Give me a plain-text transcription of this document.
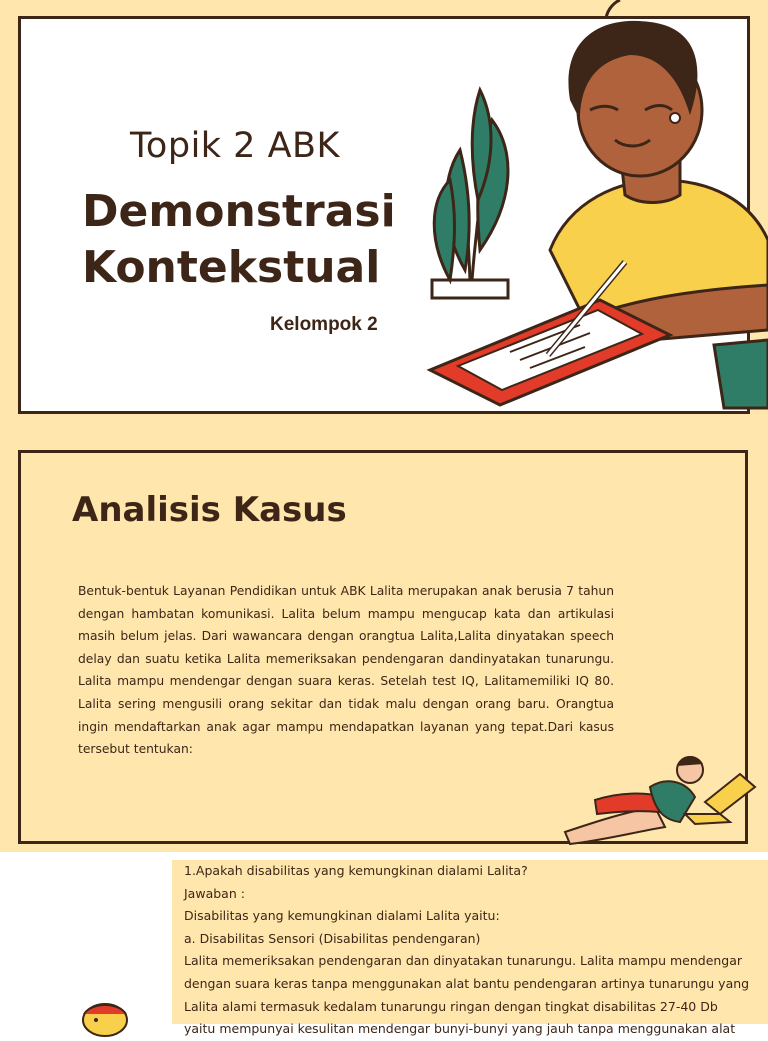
Topik 2 ABK
Demonstrasi
Kontekstual
Kelompok 2
Analisis Kasus
Bentuk-bentuk Layanan Pendidikan untuk ABK Lalita merupakan anak berusia 7 tahun dengan hambatan komunikasi. Lalita belum mampu mengucap kata dan artikulasi masih belum jelas. Dari wawancara dengan orangtua Lalita,Lalita dinyatakan speech delay dan suatu ketika Lalita memeriksakan pendengaran dandinyatakan tunarungu. Lalita mampu mendengar dengan suara keras. Setelah test IQ, Lalitamemiliki IQ 80. Lalita sering mengusili orang sekitar dan tidak malu dengan orang baru. Orangtua ingin mendaftarkan anak agar mampu mendapatkan layanan yang tepat.Dari kasus tersebut tentukan:
1.Apakah disabilitas yang kemungkinan dialami Lalita?
Jawaban :
Disabilitas yang kemungkinan dialami Lalita yaitu:
a. Disabilitas Sensori (Disabilitas pendengaran)
Lalita memeriksakan pendengaran dan dinyatakan tunarungu. Lalita mampu mendengar
dengan suara keras tanpa menggunakan alat bantu pendengaran artinya tunarungu yang
Lalita alami termasuk kedalam tunarungu ringan dengan tingkat disabilitas 27-40 Db
yaitu mempunyai kesulitan mendengar bunyi-bunyi yang jauh tanpa menggunakan alat
